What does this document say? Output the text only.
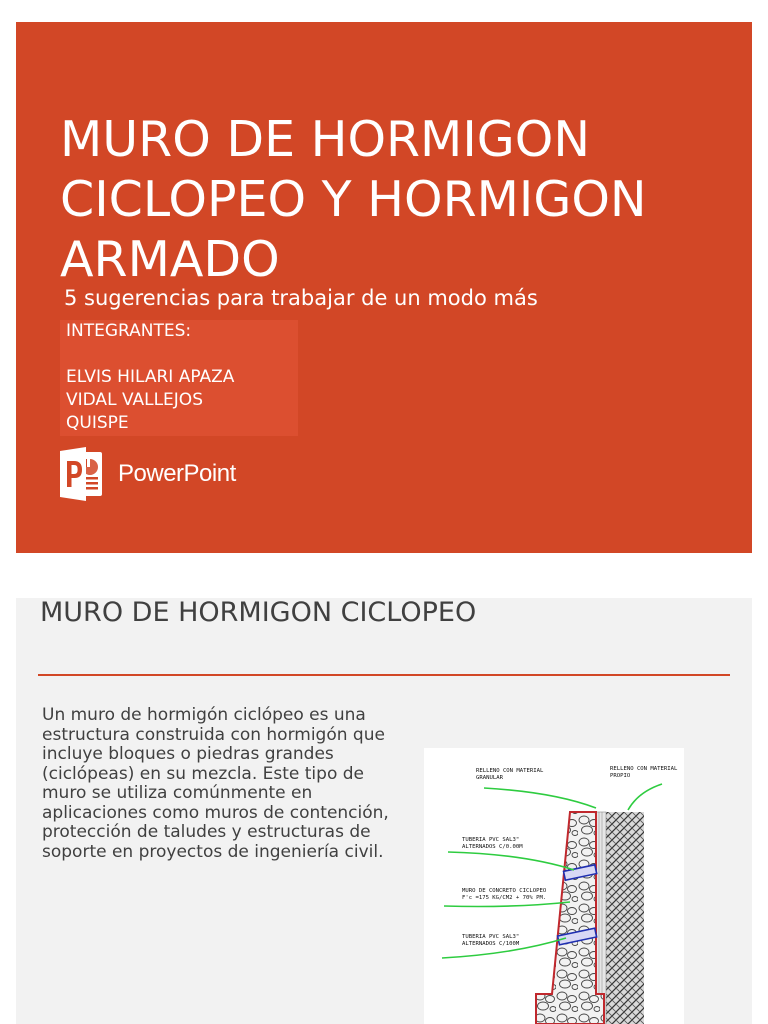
MURO DE HORMIGON CICLOPEO Y HORMIGON ARMADO

5 sugerencias para trabajar de un modo más

INTEGRANTES:
ELVIS HILARI APAZA
VIDAL VALLEJOS
QUISPE
PowerPoint
MURO DE HORMIGON CICLOPEO

Un muro de hormigón ciclópeo es una estructura construida con hormigón que incluye bloques o piedras grandes (ciclópeas) en su mezcla. Este tipo de muro se utiliza comúnmente en aplicaciones como muros de contención, protección de taludes y estructuras de soporte en proyectos de ingeniería civil.

RELLENO CON MATERIAL
GRANULAR
RELLENO CON MATERIAL
PROPIO
TUBERIA PVC SAL3"
ALTERNADOS C/0.00M
MURO DE CONCRETO CICLOPEO
F'c =175 KG/CM2 + 70% PM.
TUBERIA PVC SAL3"
ALTERNADOS C/100M
